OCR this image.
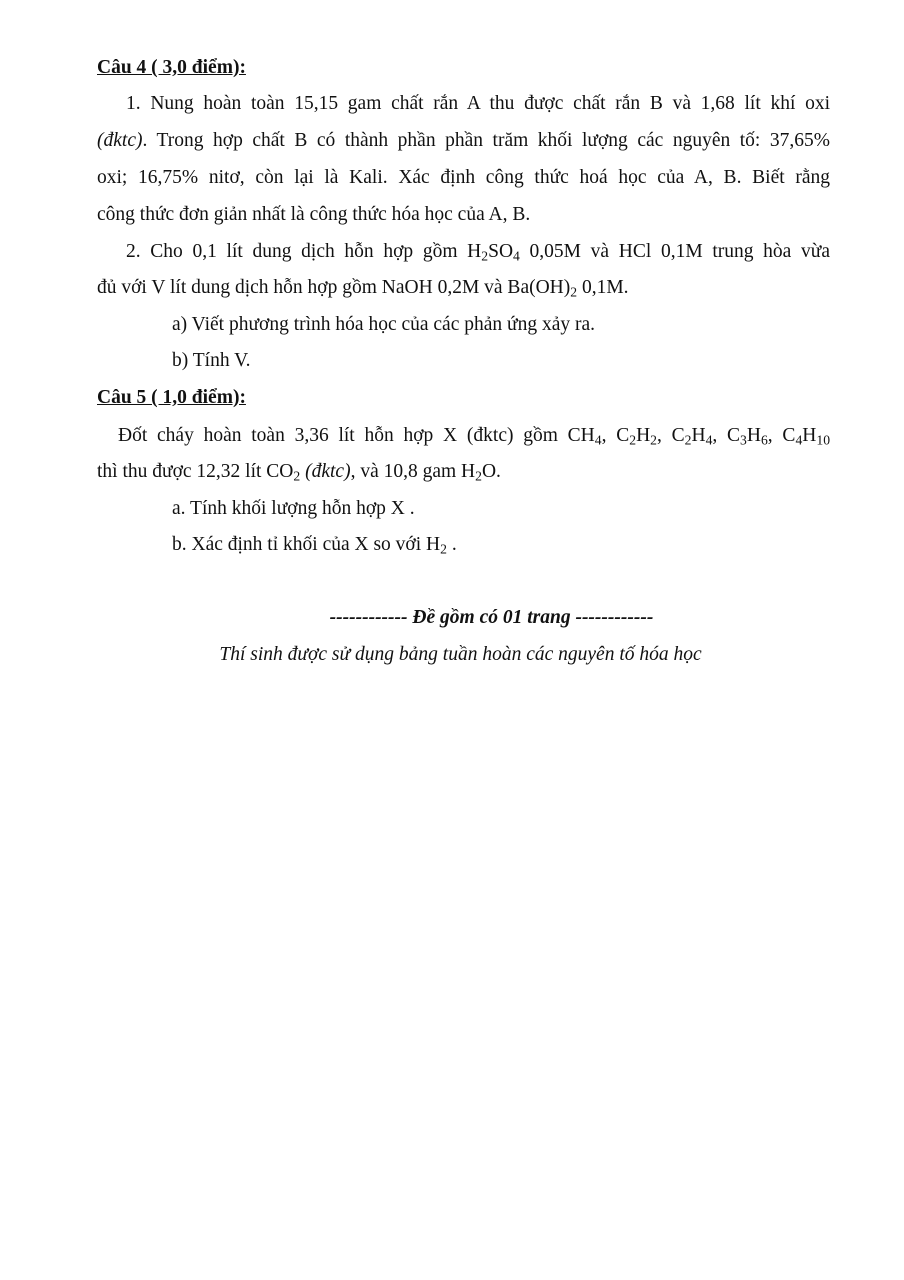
Câu 4 ( 3,0 điểm):
1. Nung hoàn toàn 15,15 gam chất rắn A thu được chất rắn B và 1,68 lít khí oxi
(đktc). Trong hợp chất B có thành phần phần trăm khối lượng các nguyên tố: 37,65%
oxi; 16,75% nitơ, còn lại là Kali. Xác định công thức hoá học của A, B. Biết rằng
công thức đơn giản nhất là công thức hóa học của A, B.
2. Cho 0,1 lít dung dịch hỗn hợp gồm $H_2SO_4$ 0,05M và HCl 0,1M trung hòa vừa
đủ với V lít dung dịch hỗn hợp gồm NaOH 0,2M và $Ba(OH)_2$ 0,1M.
a) Viết phương trình hóa học của các phản ứng xảy ra.
b) Tính V.
Câu 5 ( 1,0 điểm):
Đốt cháy hoàn toàn 3,36 lít hỗn hợp X (đktc) gồm $CH_4$, $C_2H_2$, $C_2H_4$, $C_3H_6$, $C_4H_{10}$
thì thu được 12,32 lít $CO_2$ (đktc), và 10,8 gam $H_2O$.
a. Tính khối lượng hỗn hợp X .
b. Xác định tỉ khối của X so với $H_2$ .
------------ Đề gồm có 01 trang ------------
Thí sinh được sử dụng bảng tuần hoàn các nguyên tố hóa học
